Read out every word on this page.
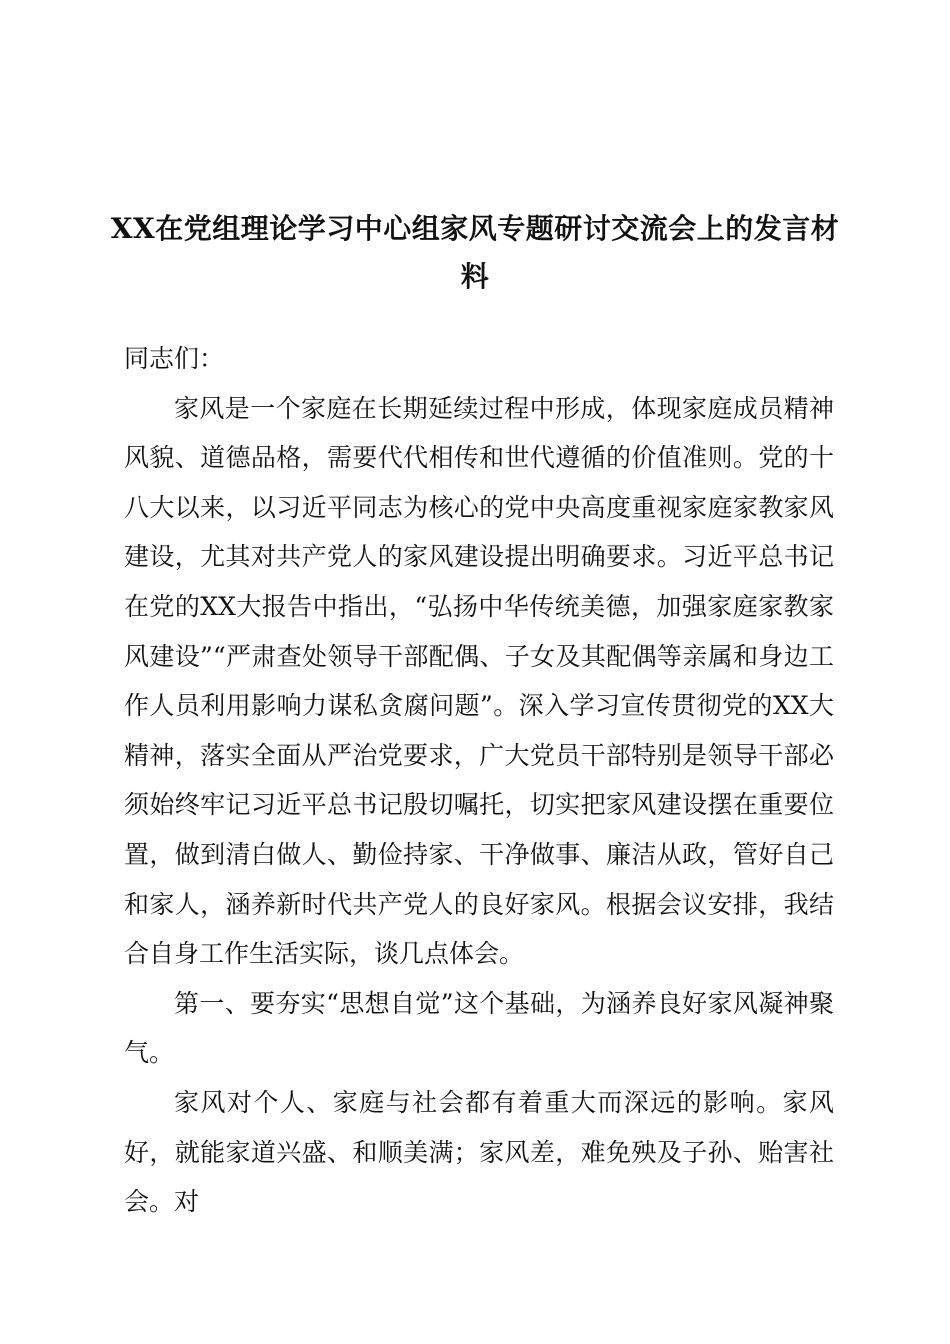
XX在党组理论学习中心组家风专题研讨交流会上的发言材料

同志们：

家风是一个家庭在长期延续过程中形成，体现家庭成员精神风貌、道德品格，需要代代相传和世代遵循的价值准则。党的十八大以来，以习近平同志为核心的党中央高度重视家庭家教家风建设，尤其对共产党人的家风建设提出明确要求。习近平总书记在党的XX大报告中指出，“弘扬中华传统美德，加强家庭家教家风建设”“严肃查处领导干部配偶、子女及其配偶等亲属和身边工作人员利用影响力谋私贪腐问题”。深入学习宣传贯彻党的XX大精神，落实全面从严治党要求，广大党员干部特别是领导干部必须始终牢记习近平总书记殷切嘱托，切实把家风建设摆在重要位置，做到清白做人、勤俭持家、干净做事、廉洁从政，管好自己和家人，涵养新时代共产党人的良好家风。根据会议安排，我结合自身工作生活实际，谈几点体会。

第一、要夯实“思想自觉”这个基础，为涵养良好家风凝神聚气。

家风对个人、家庭与社会都有着重大而深远的影响。家风好，就能家道兴盛、和顺美满；家风差，难免殃及子孙、贻害社会。对
